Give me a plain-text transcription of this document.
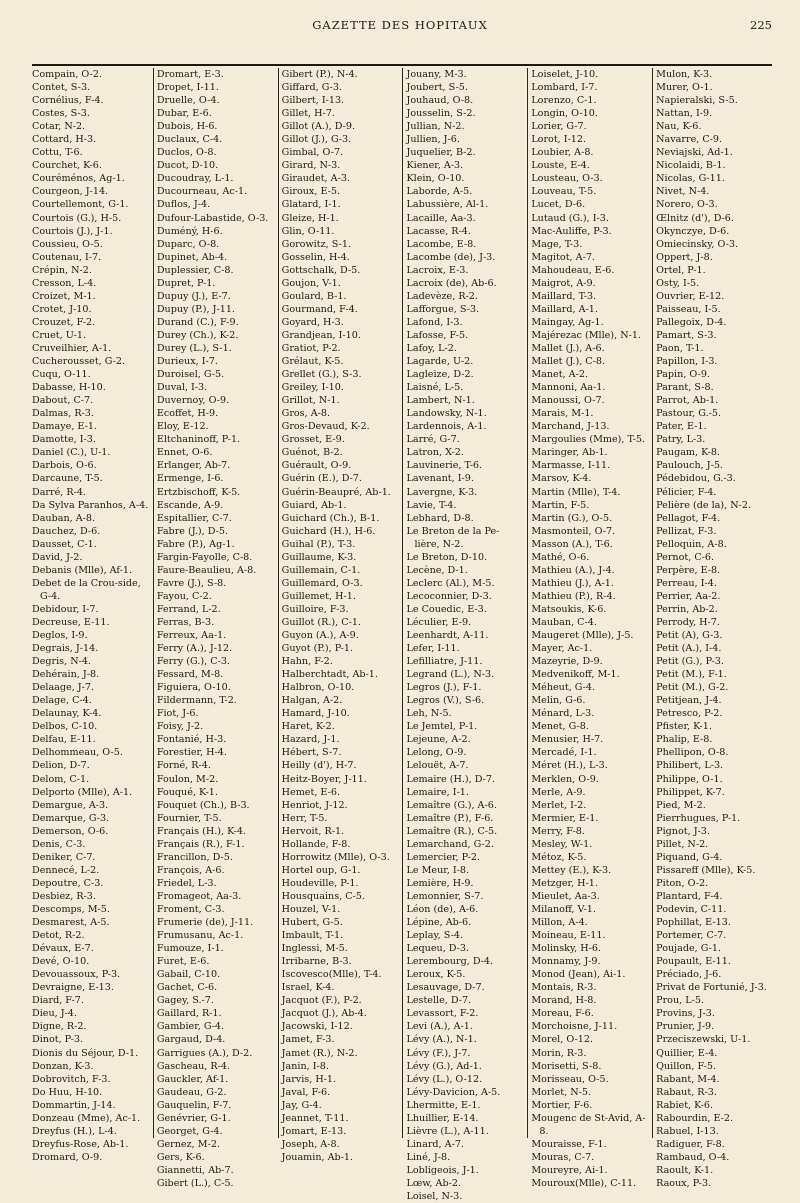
GAZETTE DES HOPITAUX	225
Compain, O-2.
Contet, S-3.
Cornélius, F-4.
Costes, S-3.
Cotar, N-2.
Cottard, H-3.
Cottu, T-6.
Courchet, K-6.
Couréménos, Ag-1.
Courgeon, J-14.
Courtellemont, G-1.
Courtois (G.), H-5.
Courtois (J.), J-1.
Coussieu, O-5.
Coutenau, I-7.
Crépin, N-2.
Cresson, L-4.
Croizet, M-1.
Crotet, J-10.
Crouzet, F-2.
Cruet, U-1.
Cruveilhier, A-1.
Cucherousset, G-2.
Cuqu, O-11.
Dabasse, H-10.
Dabout, C-7.
Dalmas, R-3.
Damaye, E-1.
Damotte, I-3.
Daniel (C.), U-1.
Darbois, O-6.
Darcaune, T-5.
Darré, R-4.
Da Sylva Paranhos, A-4.
Dauban, A-8.
Dauchez, D-6.
Dausset, C-1.
David, J-2.
Debanis (Mlle), Af-1.
Debet de la Crou-side, G-4.
Debidour, I-7.
Decreuse, E-11.
Deglos, I-9.
Degrais, J-14.
Degris, N-4.
Dehérain, J-8.
Delaage, J-7.
Delage, C-4.
Delaunay, K-4.
Delbos, C-10.
Delfau, E-11.
Delhommeau, O-5.
Delion, D-7.
Delom, C-1.
Delporto (Mlle), A-1.
Demargue, A-3.
Demarque, G-3.
Demerson, O-6.
Denis, C-3.
Deniker, C-7.
Denneсé, L-2.
Depoutre, C-3.
Desbiez, R-3.
Descomps, M-5.
Desmarest, A-5.
Detot, R-2.
Dévaux, E-7.
Devé, O-10.
Devouassoux, P-3.
Devraigne, E-13.
Diard, F-7.
Dieu, J-4.
Digne, R-2.
Dinot, P-3.
Dionis du Séjour, D-1.
Donzan, K-3.
Dobrovitch, F-3.
Do Huu, H-10.
Dommartin, J-14.
Donzeau (Mme), Ac-1.
Dreyfus (H.), L-4.
Dreyfus-Rose, Ab-1.
Dromard, O-9.
Dromart, E-3.
Dropet, I-11.
Druelle, O-4.
Dubar, E-6.
Dubois, H-6.
Duclaux, C-4.
Duclos, O-8.
Ducot, D-10.
Ducoudray, L-1.
Ducourneau, Ac-1.
Duflos, J-4.
Dufour-Labastide, O-3.
Duméný, H-6.
Duparc, O-8.
Dupinet, Ab-4.
Duplessier, C-8.
Dupret, P-1.
Dupuy (J.), E-7.
Dupuy (P.), J-11.
Durand (C.), F-9.
Durey (Ch.), K-2.
Durey (L.), S-1.
Durieux, I-7.
Duroisel, G-5.
Duval, I-3.
Duvernoy, O-9.
Ecoffet, H-9.
Eloy, E-12.
Eltchaninoff, P-1.
Ennet, O-6.
Erlanger, Ab-7.
Ermenge, I-6.
Ertzbischoff, K-5.
Escande, A-9.
Espitallier, C-7.
Fabre (J.), D-5.
Fabre (P.), Ag-1.
Fargin-Fayolle, C-8.
Faure-Beaulieu, A-8.
Favre (J.), S-8.
Fayou, C-2.
Ferrand, L-2.
Ferras, B-3.
Ferreux, Aa-1.
Ferry (A.), J-12.
Ferry (G.), C-3.
Fessard, M-8.
Figuiera, O-10.
Fildermann, T-2.
Fiot, J-6.
Foisy, J-2.
Fontanié, H-3.
Forestier, H-4.
Forné, R-4.
Foulon, M-2.
Fouqué, K-1.
Fouquet (Ch.), B-3.
Fournier, T-5.
Français (H.), K-4.
Français (R.), F-1.
Francillon, D-5.
François, A-6.
Friedel, L-3.
Fromageot, Aa-3.
Froment, C-3.
Frumerie (de), J-11.
Frumusanu, Ac-1.
Fumouze, I-1.
Furet, E-6.
Gabail, C-10.
Gachet, C-6.
Gagey, S.-7.
Gaillard, R-1.
Gambier, G-4.
Gargaud, D-4.
Garrigues (A.), D-2.
Gascheau, R-4.
Gauckler, Af-1.
Gaudeau, G-2.
Gauquelin, F-7.
Genévrier, G-1.
Georget, G-4.
Gernez, M-2.
Gers, K-6.
Giannetti, Ab-7.
Gibert (L.), C-5.
Gibert (P.), N-4.
Giffard, G-3.
Gilbert, I-13.
Gillet, H-7.
Gillot (A.), D-9.
Gillot (J.), G-3.
Gimbal, O-7.
Girard, N-3.
Giraudet, A-3.
Giroux, E-5.
Glatard, I-1.
Gleize, H-1.
Glin, O-11.
Gorowitz, S-1.
Gosselin, H-4.
Gottschalk, D-5.
Goujon, V-1.
Goulard, B-1.
Gourmand, F-4.
Goyard, H-3.
Grandjean, I-10.
Gratiot, P-2.
Grélaut, K-5.
Grellet (G.), S-3.
Greiley, I-10.
Grillot, N-1.
Gros, A-8.
Gros-Devaud, K-2.
Grosset, E-9.
Guénot, B-2.
Guérault, O-9.
Guérin (E.), D-7.
Guérin-Beaupré, Ab-1.
Guiard, Ab-1.
Guichard (Ch.), B-1.
Guichard (H.), H-6.
Guihal (P.), T-3.
Guillaume, K-3.
Guillemain, C-1.
Guillemard, O-3.
Guillemet, H-1.
Guilloire, F-3.
Guillot (R.), C-1.
Guyon (A.), A-9.
Guyot (P.), P-1.
Hahn, F-2.
Halberchtadt, Ab-1.
Halbron, O-10.
Halgan, A-2.
Hamard, J-10.
Haret, K-2.
Hazard, J-1.
Hébert, S-7.
Heilly (d'), H-7.
Heitz-Boyer, J-11.
Hemet, E-6.
Henriot, J-12.
Herr, T-5.
Hervoit, R-1.
Hollande, F-8.
Horrowitz (Mlle), O-3.
Hortel oup, G-1.
Houdeville, P-1.
Housquains, C-5.
Houzel, V-1.
Hubert, G-5.
Imbault, T-1.
Inglessi, M-5.
Irribarne, B-3.
Iscovesco(Mlle), T-4.
Israel, K-4.
Jacquot (F.), P-2.
Jacquot (J.), Ab-4.
Jacowski, I-12.
Jamet, F-3.
Jamet (R.), N-2.
Janin, I-8.
Jarvis, H-1.
Javal, F-6.
Jay, G-4.
Jeannet, T-11.
Jomart, E-13.
Joseph, A-8.
Jouamin, Ab-1.
Jouany, M-3.
Joubert, S-5.
Jouhaud, O-8.
Jousselin, S-2.
Jullian, N-2.
Jullien, J-6.
Juquelier, B-2.
Kiener, A-3.
Klein, O-10.
Laborde, A-5.
Labussière, Al-1.
Lacaille, Aa-3.
Lacasse, R-4.
Lacombe, E-8.
Lacombe (de), J-3.
Lacroix, E-3.
Lacroix (de), Ab-6.
Ladevèze, R-2.
Lafforgue, S-3.
Lafond, I-3.
Lafosse, F-5.
Lafoy, L-2.
Lagarde, U-2.
Lagleize, D-2.
Laisné, L-5.
Lambert, N-1.
Landowsky, N-1.
Lardennois, A-1.
Larré, G-7.
Latron, X-2.
Lauvinerie, T-6.
Lavenant, I-9.
Lavergne, K-3.
Lavie, T-4.
Lebhard, D-8.
Le Breton de la Pe-lière, N-2.
Le Breton, D-10.
Lecène, D-1.
Leclerc (Al.), M-5.
Lecoconnier, D-3.
Le Couedic, E-3.
Léculier, E-9.
Leenhardt, A-11.
Lefer, I-11.
Lefilliatre, J-11.
Legrand (L.), N-3.
Legros (J.), F-1.
Legros (V.), S-6.
Leh, N-5.
Le Jemtel, P-1.
Lejeune, A-2.
Lelong, O-9.
Lelouët, A-7.
Lemaire (H.), D-7.
Lemaire, I-1.
Lemaître (G.), A-6.
Lemaître (P.), F-6.
Lemaître (R.), C-5.
Lemarchand, G-2.
Lemercier, P-2.
Le Meur, I-8.
Lemière, H-9.
Lemonnier, S-7.
Léon (de), A-6.
Lépine, Ab-6.
Leplay, S-4.
Lequeu, D-3.
Lerembourg, D-4.
Leroux, K-5.
Lesauvage, D-7.
Lestelle, D-7.
Levassort, F-2.
Levi (A.), A-1.
Lévy (A.), N-1.
Lévy (F.), J-7.
Lévy (G.), Ad-1.
Lévy (L.), O-12.
Lévy-Davicion, A-5.
Lhermitte, E-1.
Lhuillier, E-14.
Lièvre (L.), A-11.
Linard, A-7.
Liné, J-8.
Lobligeois, J-1.
Lœw, Ab-2.
Loisel, N-3.
Loiselet, J-10.
Lombard, I-7.
Lorenzo, C-1.
Longin, O-10.
Lorier, G-7.
Lorot, I-12.
Loubier, A-8.
Louste, E-4.
Lousteau, O-3.
Louveau, T-5.
Lucet, D-6.
Lutaud (G.), I-3.
Mac-Auliffe, P-3.
Mage, T-3.
Magitot, A-7.
Mahoudeau, E-6.
Maigrot, A-9.
Maillard, T-3.
Maillard, A-1.
Maingay, Ag-1.
Majérezac (Mlle), N-1.
Mallet (J.), A-6.
Mallet (J.), C-8.
Manet, A-2.
Mannoni, Aa-1.
Manoussi, O-7.
Marais, M-1.
Marchand, J-13.
Margoulies (Mme), T-5.
Maringer, Ab-1.
Marmasse, I-11.
Marsov, K-4.
Martin (Mlle), T-4.
Martin, F-5.
Martin (G.), O-5.
Masmonteil, O-7.
Masson (A.), T-6.
Mathé, O-6.
Mathieu (A.), J-4.
Mathieu (J.), A-1.
Mathieu (P.), R-4.
Matsoukis, K-6.
Mauban, C-4.
Maugeret (Mlle), J-5.
Mayer, Ac-1.
Mazeyrie, D-9.
Medvenikoff, M-1.
Méheut, G-4.
Melin, G-6.
Ménard, L-3.
Menet, G-8.
Menusier, H-7.
Mercadé, I-1.
Méret (H.), L-3.
Merklen, O-9.
Merle, A-9.
Merlet, I-2.
Mermier, E-1.
Merry, F-8.
Mesley, W-1.
Métoz, K-5.
Mettey (E.), K-3.
Metzger, H-1.
Mieulet, Aa-3.
Milanoff, V-1.
Millon, A-4.
Moineau, E-11.
Molinsky, H-6.
Monnamy, J-9.
Monod (Jean), Ai-1.
Montais, R-3.
Morand, H-8.
Moreau, F-6.
Morchoisne, J-11.
Morel, O-12.
Morin, R-3.
Morisetti, S-8.
Morisseau, O-5.
Morlet, N-5.
Mortier, F-6.
Mougenc de St-Avid, A-8.
Mouraisse, F-1.
Mouras, C-7.
Moureyre, Ai-1.
Mouroux(Mlle), C-11.
Mulon, K-3.
Murer, O-1.
Napieralski, S-5.
Nattan, I-9.
Nau, K-6.
Navarre, C-9.
Neviajski, Ad-1.
Nicolaidi, B-1.
Nicolas, G-11.
Nivet, N-4.
Norero, O-3.
Œlnitz (d'), D-6.
Okynczye, D-6.
Omiecinsky, O-3.
Oppert, J-8.
Ortel, P-1.
Osty, I-5.
Ouvrier, E-12.
Paisseau, I-5.
Pallegoix, D-4.
Pamart, S-3.
Paon, T-1.
Papillon, I-3.
Papin, O-9.
Parant, S-8.
Parrot, Ab-1.
Pastour, G.-5.
Pater, E-1.
Patry, L-3.
Paugam, K-8.
Paulouch, J-5.
Pédebidou, G.-3.
Pélicier, F-4.
Pelière (de la), N-2.
Pellagot, F-4.
Pellizat, F-3.
Pelloquin, A-8.
Pernot, C-6.
Perpère, E-8.
Perreau, I-4.
Perrier, Aa-2.
Perrin, Ab-2.
Perrody, H-7.
Petit (A), G-3.
Petit (A.), I-4.
Petit (G.), P-3.
Petit (M.), F-1.
Petit (M.), G-2.
Petitjean, J-4.
Petresco, P-2.
Pfister, K-1.
Phalip, E-8.
Phellipon, O-8.
Philibert, L-3.
Philippe, O-1.
Philippet, K-7.
Pied, M-2.
Pierrhugues, P-1.
Pignot, J-3.
Pillet, N-2.
Piquand, G-4.
Pissareff (Mlle), K-5.
Piton, O-2.
Plantard, F-4.
Podevin, C-11.
Pophillat, E-13.
Portemer, C-7.
Poujade, G-1.
Poupault, E-11.
Préciado, J-6.
Privat de Fortunié, J-3.
Prou, L-5.
Provins, J-3.
Prunier, J-9.
Przeciszewski, U-1.
Quillier, E-4.
Quillon, F-5.
Rabant, M-4.
Rabaut, R-3.
Rabiet, K-6.
Rabourdin, E-2.
Rabuel, I-13.
Radiguer, F-8.
Rambaud, O-4.
Raoult, K-1.
Raoux, P-3.
